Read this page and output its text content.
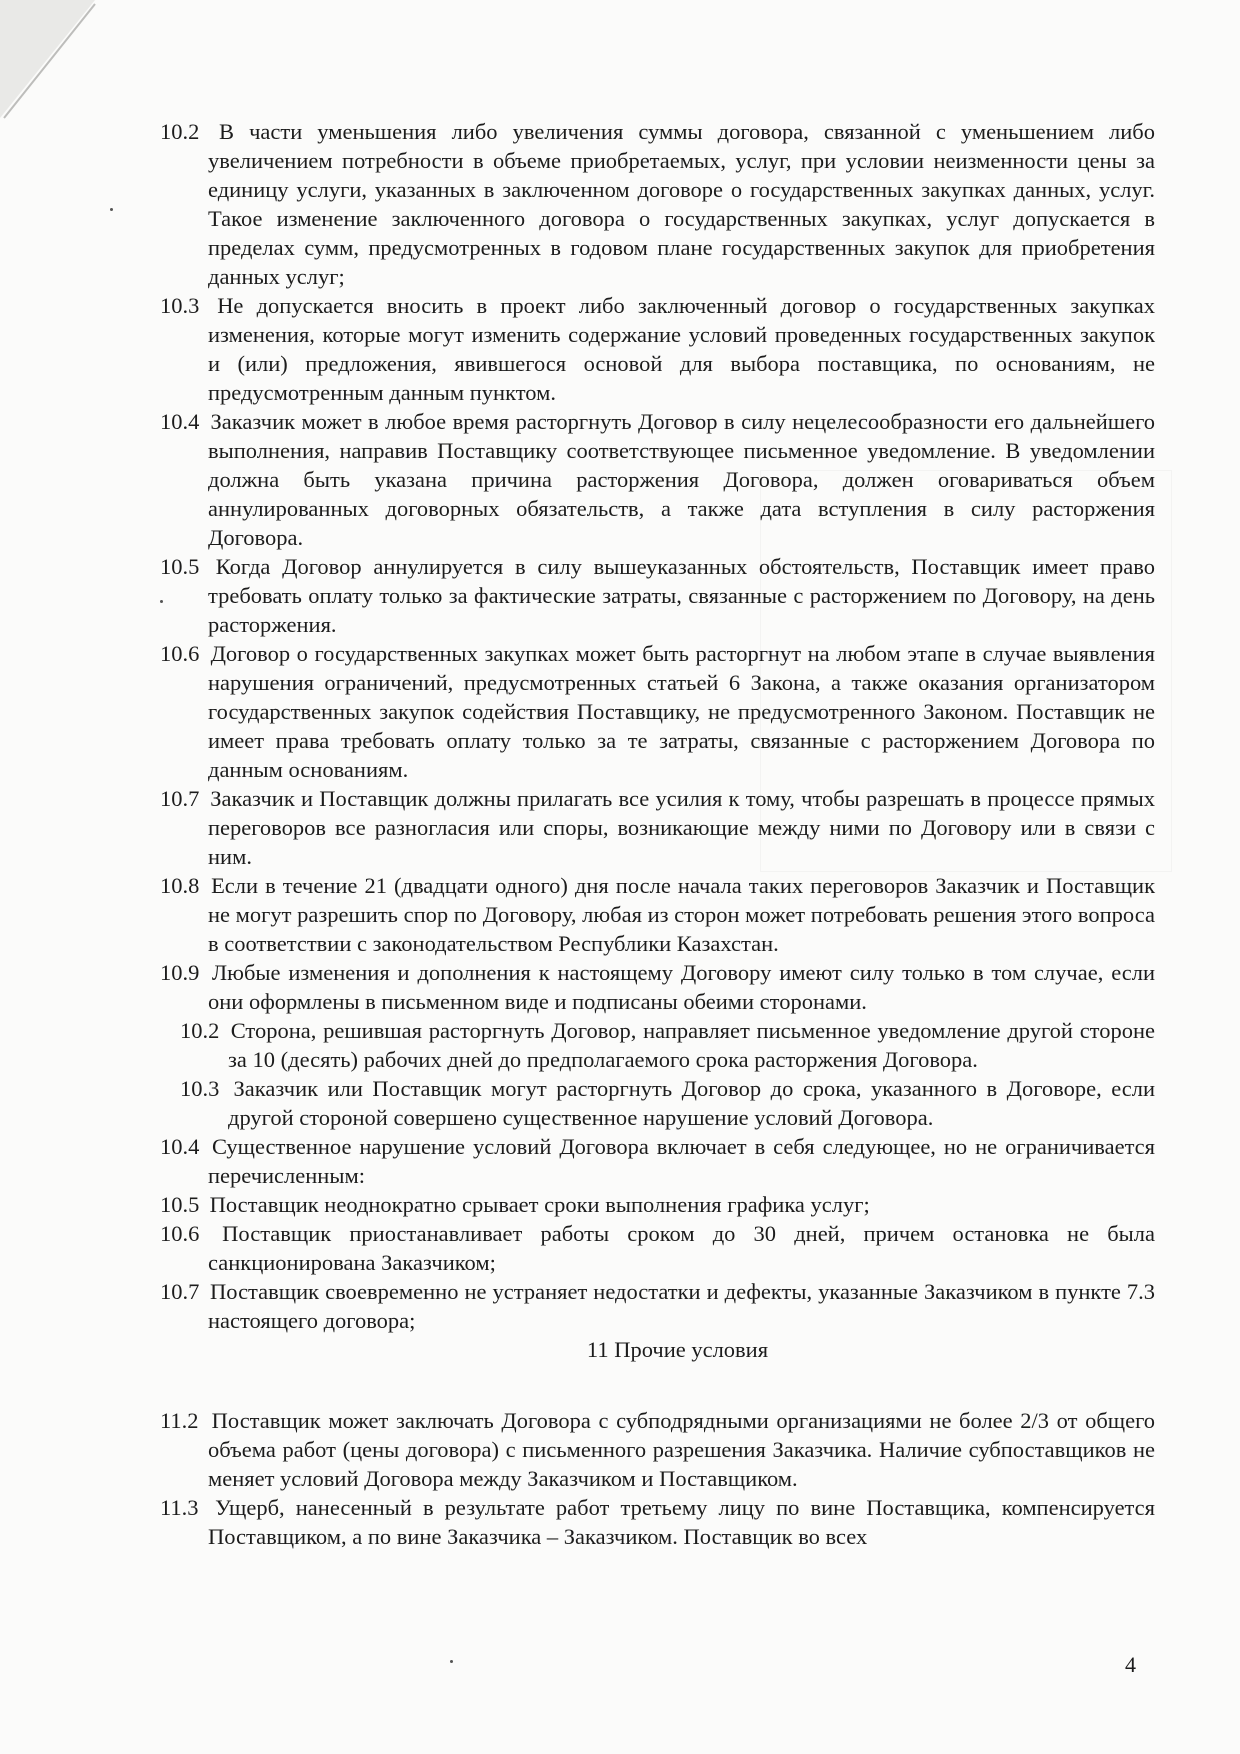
10.2 В части уменьшения либо увеличения суммы договора, связанной с уменьшением либо увеличением потребности в объеме приобретаемых, услуг, при условии неизменности цены за единицу услуги, указанных в заключенном договоре о государственных закупках данных, услуг. Такое изменение заключенного договора о государственных закупках, услуг допускается в пределах сумм, предусмотренных в годовом плане государственных закупок для приобретения данных услуг;

10.3 Не допускается вносить в проект либо заключенный договор о государственных закупках изменения, которые могут изменить содержание условий проведенных государственных закупок и (или) предложения, явившегося основой для выбора поставщика, по основаниям, не предусмотренным данным пунктом.

10.4 Заказчик может в любое время расторгнуть Договор в силу нецелесообразности его дальнейшего выполнения, направив Поставщику соответствующее письменное уведомление. В уведомлении должна быть указана причина расторжения Договора, должен оговариваться объем аннулированных договорных обязательств, а также дата вступления в силу расторжения Договора.

10.5 Когда Договор аннулируется в силу вышеуказанных обстоятельств, Поставщик имеет право требовать оплату только за фактические затраты, связанные с расторжением по Договору, на день расторжения.

10.6 Договор о государственных закупках может быть расторгнут на любом этапе в случае выявления нарушения ограничений, предусмотренных статьей 6 Закона, а также оказания организатором государственных закупок содействия Поставщику, не предусмотренного Законом. Поставщик не имеет права требовать оплату только за те затраты, связанные с расторжением Договора по данным основаниям.

10.7 Заказчик и Поставщик должны прилагать все усилия к тому, чтобы разрешать в процессе прямых переговоров все разногласия или споры, возникающие между ними по Договору или в связи с ним.

10.8 Если в течение 21 (двадцати одного) дня после начала таких переговоров Заказчик и Поставщик не могут разрешить спор по Договору, любая из сторон может потребовать решения этого вопроса в соответствии с законодательством Республики Казахстан.

10.9 Любые изменения и дополнения к настоящему Договору имеют силу только в том случае, если они оформлены в письменном виде и подписаны обеими сторонами.

10.2 Сторона, решившая расторгнуть Договор, направляет письменное уведомление другой стороне за 10 (десять) рабочих дней до предполагаемого срока расторжения Договора.

10.3 Заказчик или Поставщик могут расторгнуть Договор до срока, указанного в Договоре, если другой стороной совершено существенное нарушение условий Договора.

10.4 Существенное нарушение условий Договора включает в себя следующее, но не ограничивается перечисленным:

10.5 Поставщик неоднократно срывает сроки выполнения графика услуг;

10.6 Поставщик приостанавливает работы сроком до 30 дней, причем остановка не была санкционирована Заказчиком;

10.7 Поставщик своевременно не устраняет недостатки и дефекты, указанные Заказчиком в пункте 7.3 настоящего договора;

11 Прочие условия

11.2 Поставщик может заключать Договора с субподрядными организациями не более 2/3 от общего объема работ (цены договора) с письменного разрешения Заказчика. Наличие субпоставщиков не меняет условий Договора между Заказчиком и Поставщиком.

11.3 Ущерб, нанесенный в результате работ третьему лицу по вине Поставщика, компенсируется Поставщиком, а по вине Заказчика – Заказчиком. Поставщик во всех

4
